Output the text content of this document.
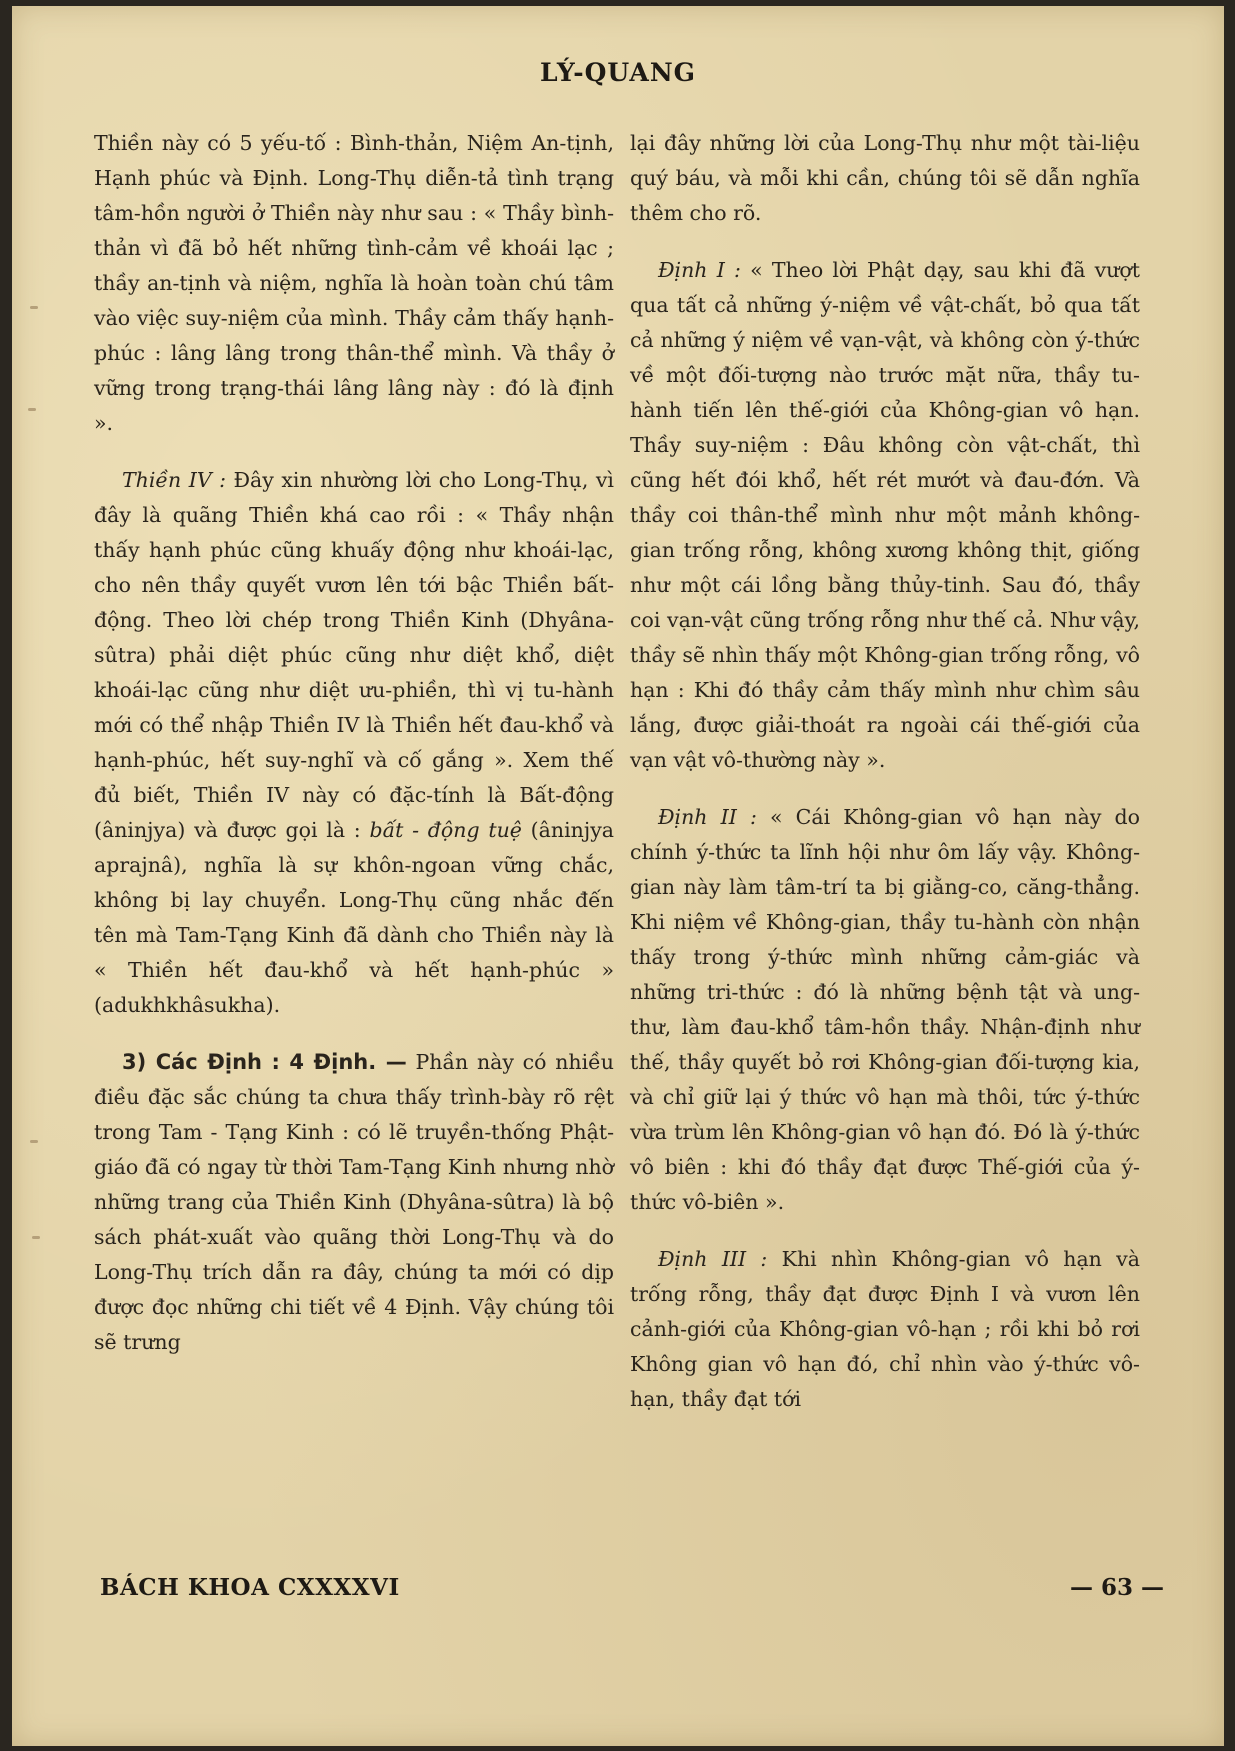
LÝ-QUANG

Thiền này có 5 yếu-tố : Bình-thản, Niệm An-tịnh, Hạnh phúc và Định. Long-Thụ diễn-tả tình trạng tâm-hồn người ở Thiền này như sau : « Thầy bình-thản vì đã bỏ hết những tình-cảm về khoái lạc ; thầy an-tịnh và niệm, nghĩa là hoàn toàn chú tâm vào việc suy-niệm của mình. Thầy cảm thấy hạnh-phúc : lâng lâng trong thân-thể mình. Và thầy ở vững trong trạng-thái lâng lâng này : đó là định ».

Thiền IV : Đây xin nhường lời cho Long-Thụ, vì đây là quãng Thiền khá cao rồi : « Thầy nhận thấy hạnh phúc cũng khuấy động như khoái-lạc, cho nên thầy quyết vươn lên tới bậc Thiền bất-động. Theo lời chép trong Thiền Kinh (Dhyâna-sûtra) phải diệt phúc cũng như diệt khổ, diệt khoái-lạc cũng như diệt ưu-phiền, thì vị tu-hành mới có thể nhập Thiền IV là Thiền hết đau-khổ và hạnh-phúc, hết suy-nghĩ và cố gắng ». Xem thế đủ biết, Thiền IV này có đặc-tính là Bất-động (âninjya) và được gọi là : bất - động tuệ (âninjya aprajnâ), nghĩa là sự khôn-ngoan vững chắc, không bị lay chuyển. Long-Thụ cũng nhắc đến tên mà Tam-Tạng Kinh đã dành cho Thiền này là « Thiền hết đau-khổ và hết hạnh-phúc » (adukhkhâsukha).

3) Các Định : 4 Định. — Phần này có nhiều điều đặc sắc chúng ta chưa thấy trình-bày rõ rệt trong Tam - Tạng Kinh : có lẽ truyền-thống Phật-giáo đã có ngay từ thời Tam-Tạng Kinh nhưng nhờ những trang của Thiền Kinh (Dhyâna-sûtra) là bộ sách phát-xuất vào quãng thời Long-Thụ và do Long-Thụ trích dẫn ra đây, chúng ta mới có dịp được đọc những chi tiết về 4 Định. Vậy chúng tôi sẽ trưng

lại đây những lời của Long-Thụ như một tài-liệu quý báu, và mỗi khi cần, chúng tôi sẽ dẫn nghĩa thêm cho rõ.

Định I : « Theo lời Phật dạy, sau khi đã vượt qua tất cả những ý-niệm về vật-chất, bỏ qua tất cả những ý niệm về vạn-vật, và không còn ý-thức về một đối-tượng nào trước mặt nữa, thầy tu-hành tiến lên thế-giới của Không-gian vô hạn. Thầy suy-niệm : Đâu không còn vật-chất, thì cũng hết đói khổ, hết rét mướt và đau-đớn. Và thầy coi thân-thể mình như một mảnh không-gian trống rỗng, không xương không thịt, giống như một cái lồng bằng thủy-tinh. Sau đó, thầy coi vạn-vật cũng trống rỗng như thế cả. Như vậy, thầy sẽ nhìn thấy một Không-gian trống rỗng, vô hạn : Khi đó thầy cảm thấy mình như chìm sâu lắng, được giải-thoát ra ngoài cái thế-giới của vạn vật vô-thường này ».

Định II : « Cái Không-gian vô hạn này do chính ý-thức ta lĩnh hội như ôm lấy vậy. Không-gian này làm tâm-trí ta bị giằng-co, căng-thẳng. Khi niệm về Không-gian, thầy tu-hành còn nhận thấy trong ý-thức mình những cảm-giác và những tri-thức : đó là những bệnh tật và ung-thư, làm đau-khổ tâm-hồn thầy. Nhận-định như thế, thầy quyết bỏ rơi Không-gian đối-tượng kia, và chỉ giữ lại ý thức vô hạn mà thôi, tức ý-thức vừa trùm lên Không-gian vô hạn đó. Đó là ý-thức vô biên : khi đó thầy đạt được Thế-giới của ý-thức vô-biên ».

Định III : Khi nhìn Không-gian vô hạn và trống rỗng, thầy đạt được Định I và vươn lên cảnh-giới của Không-gian vô-hạn ; rồi khi bỏ rơi Không gian vô hạn đó, chỉ nhìn vào ý-thức vô-hạn, thầy đạt tới

BÁCH KHOA CXXXXVI	— 63 —
